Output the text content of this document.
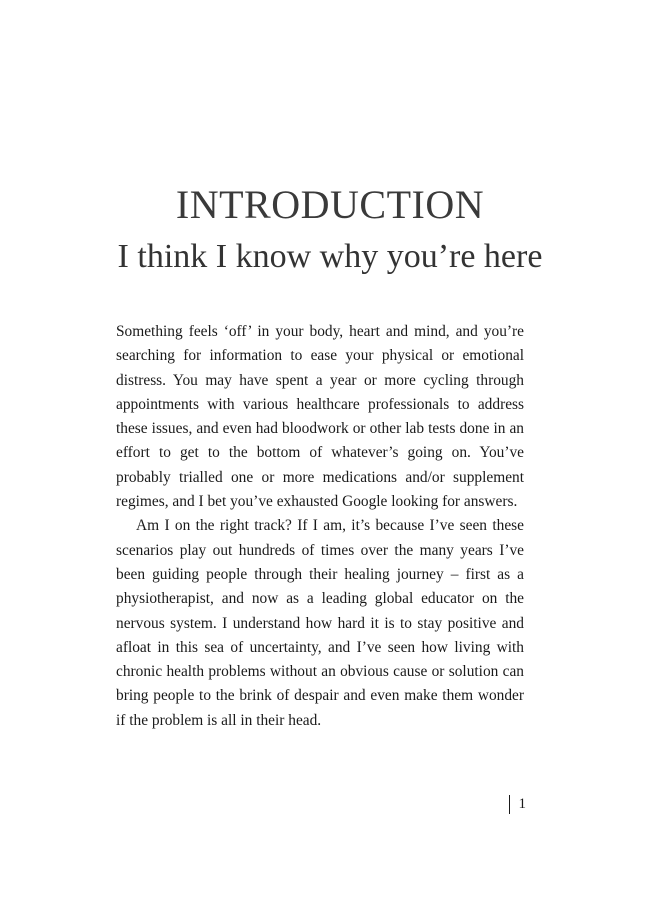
INTRODUCTION
I think I know why you’re here

Something feels ‘off’ in your body, heart and mind, and you’re searching for information to ease your physical or emotional distress. You may have spent a year or more cycling through appointments with various healthcare professionals to address these issues, and even had bloodwork or other lab tests done in an effort to get to the bottom of whatever’s going on. You’ve probably trialled one or more medications and/or supplement regimes, and I bet you’ve exhausted Google looking for answers.

Am I on the right track? If I am, it’s because I’ve seen these scenarios play out hundreds of times over the many years I’ve been guiding people through their healing journey – first as a physiotherapist, and now as a leading global educator on the nervous system. I understand how hard it is to stay positive and afloat in this sea of uncertainty, and I’ve seen how living with chronic health problems without an obvious cause or solution can bring people to the brink of despair and even make them wonder if the problem is all in their head.

1
